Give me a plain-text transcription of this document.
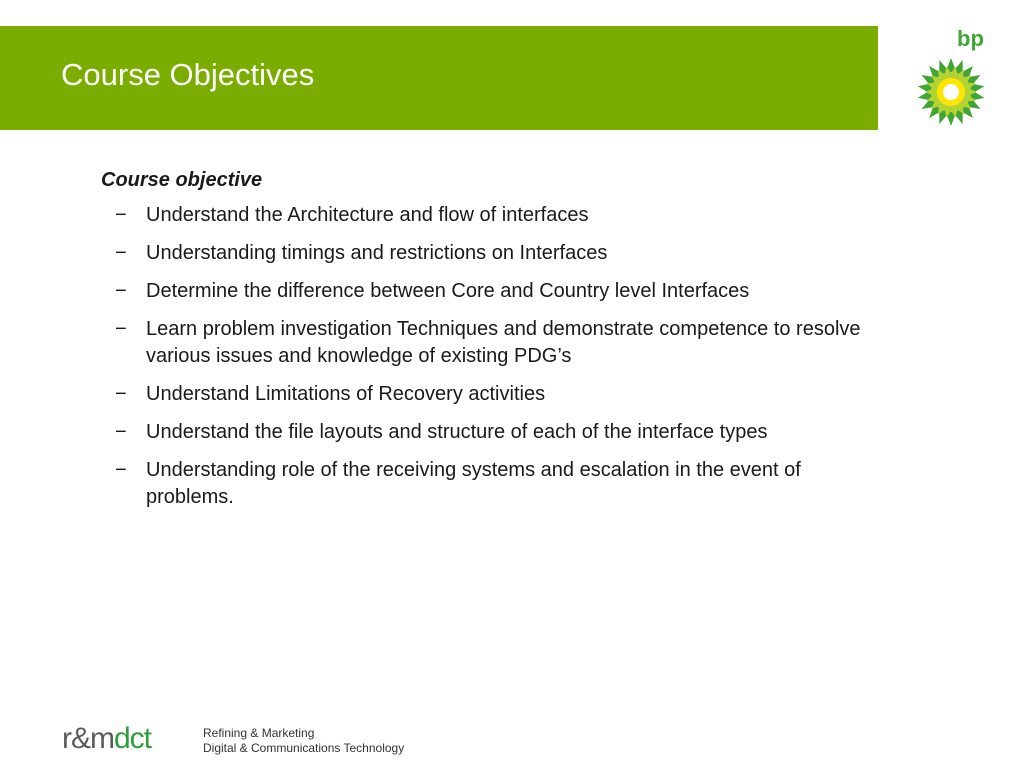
Course Objectives
bp
Course objective
− Understand the Architecture and flow of interfaces
− Understanding timings and restrictions on Interfaces
− Determine the difference between Core and Country level Interfaces
− Learn problem investigation Techniques and demonstrate competence to resolve various issues and knowledge of existing PDG’s
− Understand Limitations of Recovery activities
− Understand the file layouts and structure of each of the interface types
− Understanding role of the receiving systems and escalation in the event of problems.
r&mdct	Refining & Marketing
Digital & Communications Technology
